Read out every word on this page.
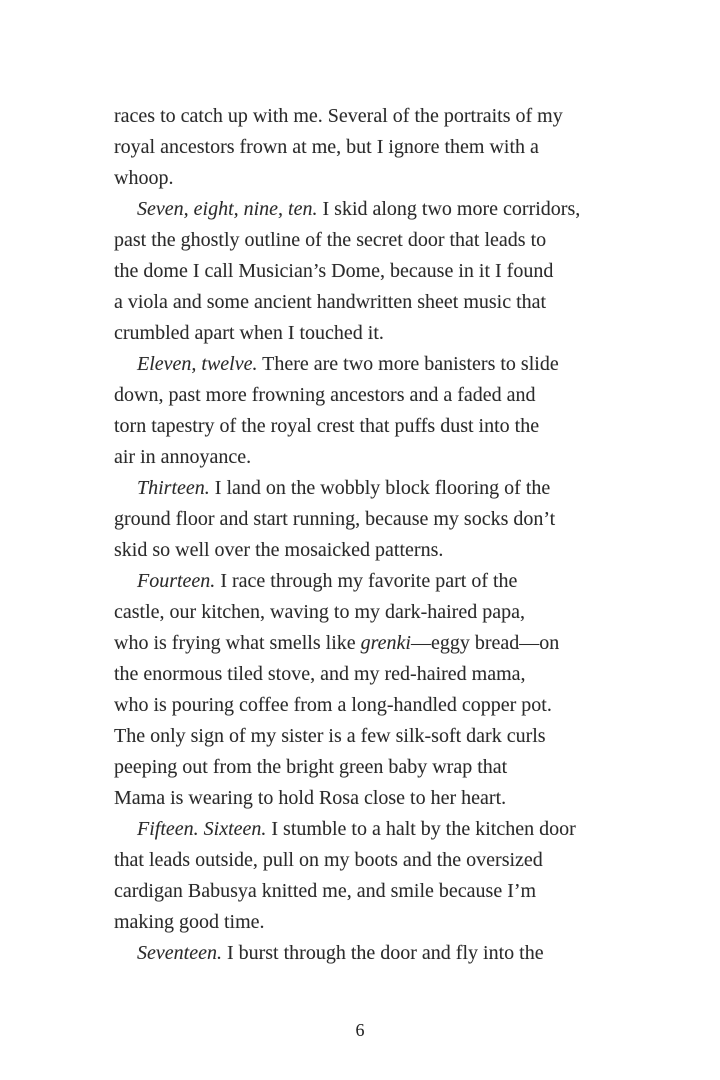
races to catch up with me. Several of the portraits of my
royal ancestors frown at me, but I ignore them with a
whoop.
Seven, eight, nine, ten. I skid along two more corridors,
past the ghostly outline of the secret door that leads to
the dome I call Musician’s Dome, because in it I found
a viola and some ancient handwritten sheet music that
crumbled apart when I touched it.
Eleven, twelve. There are two more banisters to slide
down, past more frowning ancestors and a faded and
torn tapestry of the royal crest that puffs dust into the
air in annoyance.
Thirteen. I land on the wobbly block flooring of the
ground floor and start running, because my socks don’t
skid so well over the mosaicked patterns.
Fourteen. I race through my favorite part of the
castle, our kitchen, waving to my dark-haired papa,
who is frying what smells like grenki—eggy bread—on
the enormous tiled stove, and my red-haired mama,
who is pouring coffee from a long-handled copper pot.
The only sign of my sister is a few silk-soft dark curls
peeping out from the bright green baby wrap that
Mama is wearing to hold Rosa close to her heart.
Fifteen. Sixteen. I stumble to a halt by the kitchen door
that leads outside, pull on my boots and the oversized
cardigan Babusya knitted me, and smile because I’m
making good time.
Seventeen. I burst through the door and fly into the
6
